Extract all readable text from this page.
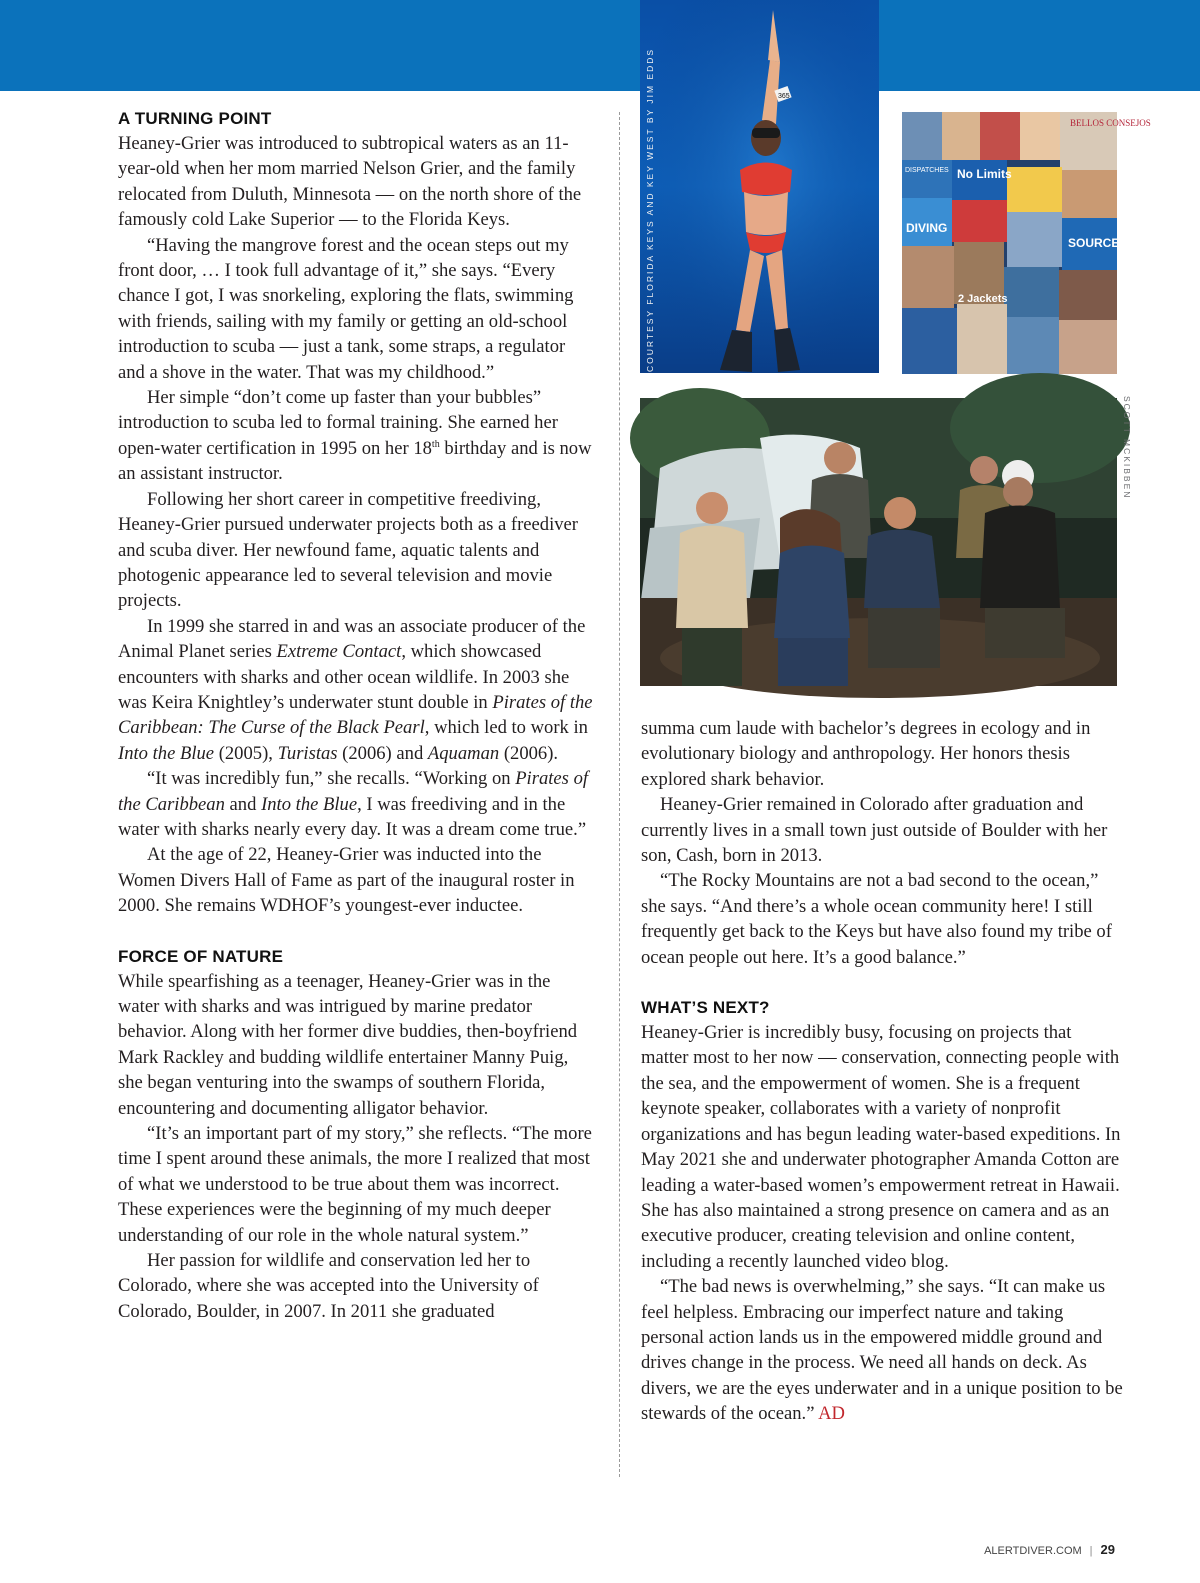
365
COURTESY FLORIDA KEYS AND KEY WEST BY JIM EDDS	BELLOS CONSEJOS
DISPATCHES No Limits
DIVING
SOURCE
2 Jackets
SCOTT MCKIBBEN
A TURNING POINT

Heaney-Grier was introduced to subtropical waters as an 11-year-old when her mom married Nelson Grier, and the family relocated from Duluth, Minnesota — on the north shore of the famously cold Lake Superior — to the Florida Keys.

“Having the mangrove forest and the ocean steps out my front door, … I took full advantage of it,” she says. “Every chance I got, I was snorkeling, exploring the flats, swimming with friends, sailing with my family or getting an old-school introduction to scuba — just a tank, some straps, a regulator and a shove in the water. That was my childhood.”

Her simple “don’t come up faster than your bubbles” introduction to scuba led to formal training. She earned her open-water certification in 1995 on her 18th birthday and is now an assistant instructor.

Following her short career in competitive freediving, Heaney-Grier pursued underwater projects both as a freediver and scuba diver. Her newfound fame, aquatic talents and photogenic appearance led to several television and movie projects.

In 1999 she starred in and was an associate producer of the Animal Planet series Extreme Contact, which showcased encounters with sharks and other ocean wildlife. In 2003 she was Keira Knightley’s underwater stunt double in Pirates of the Caribbean: The Curse of the Black Pearl, which led to work in Into the Blue (2005), Turistas (2006) and Aquaman (2006).

“It was incredibly fun,” she recalls. “Working on Pirates of the Caribbean and Into the Blue, I was freediving and in the water with sharks nearly every day. It was a dream come true.”

At the age of 22, Heaney-Grier was inducted into the Women Divers Hall of Fame as part of the inaugural roster in 2000. She remains WDHOF’s youngest-ever inductee.

FORCE OF NATURE

While spearfishing as a teenager, Heaney-Grier was in the water with sharks and was intrigued by marine predator behavior. Along with her former dive buddies, then-boyfriend Mark Rackley and budding wildlife entertainer Manny Puig, she began venturing into the swamps of southern Florida, encountering and documenting alligator behavior.

“It’s an important part of my story,” she reflects. “The more time I spent around these animals, the more I realized that most of what we understood to be true about them was incorrect. These experiences were the beginning of my much deeper understanding of our role in the whole natural system.”

Her passion for wildlife and conservation led her to Colorado, where she was accepted into the University of Colorado, Boulder, in 2007. In 2011 she graduated

summa cum laude with bachelor’s degrees in ecology and in evolutionary biology and anthropology. Her honors thesis explored shark behavior.

Heaney-Grier remained in Colorado after graduation and currently lives in a small town just outside of Boulder with her son, Cash, born in 2013.

“The Rocky Mountains are not a bad second to the ocean,” she says. “And there’s a whole ocean community here! I still frequently get back to the Keys but have also found my tribe of ocean people out here. It’s a good balance.”

WHAT’S NEXT?

Heaney-Grier is incredibly busy, focusing on projects that matter most to her now — conservation, connecting people with the sea, and the empowerment of women. She is a frequent keynote speaker, collaborates with a variety of nonprofit organizations and has begun leading water-based expeditions. In May 2021 she and underwater photographer Amanda Cotton are leading a water-based women’s empowerment retreat in Hawaii. She has also maintained a strong presence on camera and as an executive producer, creating television and online content, including a recently launched video blog.

“The bad news is overwhelming,” she says. “It can make us feel helpless. Embracing our imperfect nature and taking personal action lands us in the empowered middle ground and drives change in the process. We need all hands on deck. As divers, we are the eyes underwater and in a unique position to be stewards of the ocean.” AD

ALERTDIVER.COM | 29
